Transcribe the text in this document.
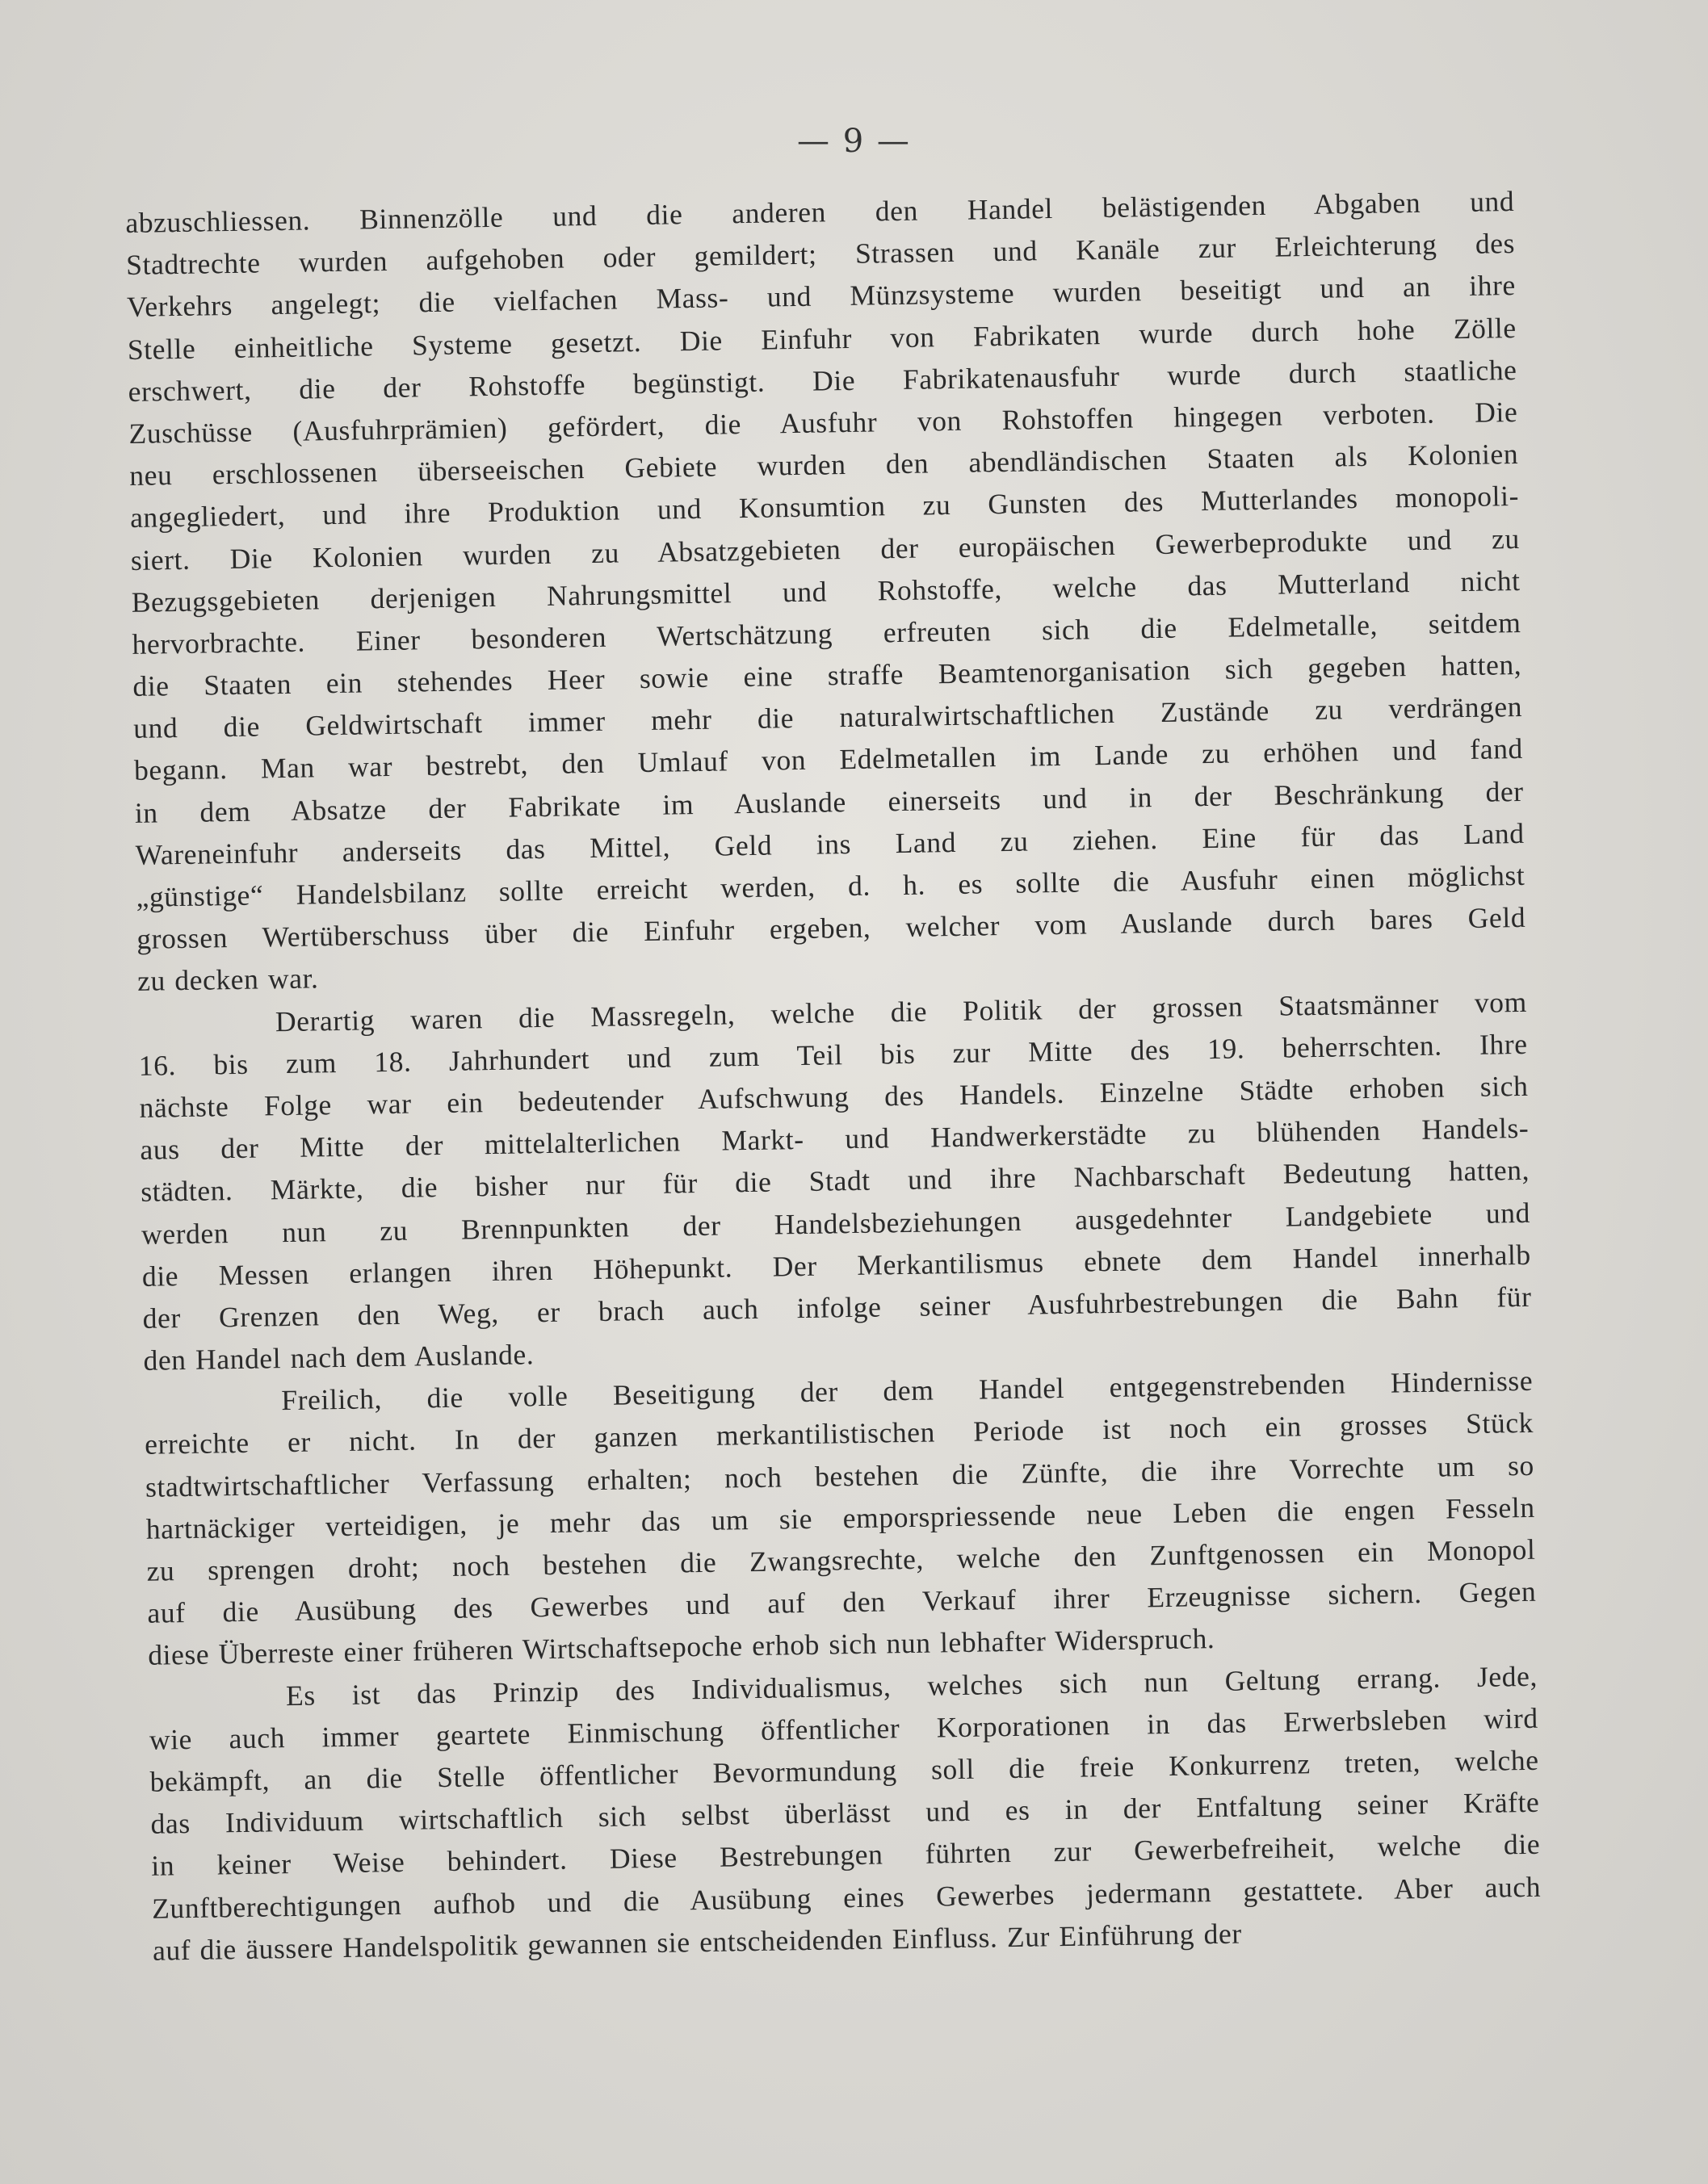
— 9 —
abzuschliessen. Binnenzölle und die anderen den Handel belästigenden Abgaben und
Stadtrechte wurden aufgehoben oder gemildert; Strassen und Kanäle zur Erleichterung des
Verkehrs angelegt; die vielfachen Mass- und Münzsysteme wurden beseitigt und an ihre
Stelle einheitliche Systeme gesetzt. Die Einfuhr von Fabrikaten wurde durch hohe Zölle
erschwert, die der Rohstoffe begünstigt. Die Fabrikatenausfuhr wurde durch staatliche
Zuschüsse (Ausfuhrprämien) gefördert, die Ausfuhr von Rohstoffen hingegen verboten. Die
neu erschlossenen überseeischen Gebiete wurden den abendländischen Staaten als Kolonien
angegliedert, und ihre Produktion und Konsumtion zu Gunsten des Mutterlandes monopoli-
siert. Die Kolonien wurden zu Absatzgebieten der europäischen Gewerbeprodukte und zu
Bezugsgebieten derjenigen Nahrungsmittel und Rohstoffe, welche das Mutterland nicht
hervorbrachte. Einer besonderen Wertschätzung erfreuten sich die Edelmetalle, seitdem
die Staaten ein stehendes Heer sowie eine straffe Beamtenorganisation sich gegeben hatten,
und die Geldwirtschaft immer mehr die naturalwirtschaftlichen Zustände zu verdrängen
begann. Man war bestrebt, den Umlauf von Edelmetallen im Lande zu erhöhen und fand
in dem Absatze der Fabrikate im Auslande einerseits und in der Beschränkung der
Wareneinfuhr anderseits das Mittel, Geld ins Land zu ziehen. Eine für das Land
„günstige“ Handelsbilanz sollte erreicht werden, d. h. es sollte die Ausfuhr einen möglichst
grossen Wertüberschuss über die Einfuhr ergeben, welcher vom Auslande durch bares Geld
zu decken war.
Derartig waren die Massregeln, welche die Politik der grossen Staatsmänner vom
16. bis zum 18. Jahrhundert und zum Teil bis zur Mitte des 19. beherrschten. Ihre
nächste Folge war ein bedeutender Aufschwung des Handels. Einzelne Städte erhoben sich
aus der Mitte der mittelalterlichen Markt- und Handwerkerstädte zu blühenden Handels-
städten. Märkte, die bisher nur für die Stadt und ihre Nachbarschaft Bedeutung hatten,
werden nun zu Brennpunkten der Handelsbeziehungen ausgedehnter Landgebiete und
die Messen erlangen ihren Höhepunkt. Der Merkantilismus ebnete dem Handel innerhalb
der Grenzen den Weg, er brach auch infolge seiner Ausfuhrbestrebungen die Bahn für
den Handel nach dem Auslande.
Freilich, die volle Beseitigung der dem Handel entgegenstrebenden Hindernisse
erreichte er nicht. In der ganzen merkantilistischen Periode ist noch ein grosses Stück
stadtwirtschaftlicher Verfassung erhalten; noch bestehen die Zünfte, die ihre Vorrechte um so
hartnäckiger verteidigen, je mehr das um sie emporspriessende neue Leben die engen Fesseln
zu sprengen droht; noch bestehen die Zwangsrechte, welche den Zunftgenossen ein Monopol
auf die Ausübung des Gewerbes und auf den Verkauf ihrer Erzeugnisse sichern. Gegen
diese Überreste einer früheren Wirtschaftsepoche erhob sich nun lebhafter Widerspruch.
Es ist das Prinzip des Individualismus, welches sich nun Geltung errang. Jede,
wie auch immer geartete Einmischung öffentlicher Korporationen in das Erwerbsleben wird
bekämpft, an die Stelle öffentlicher Bevormundung soll die freie Konkurrenz treten, welche
das Individuum wirtschaftlich sich selbst überlässt und es in der Entfaltung seiner Kräfte
in keiner Weise behindert. Diese Bestrebungen führten zur Gewerbefreiheit, welche die
Zunftberechtigungen aufhob und die Ausübung eines Gewerbes jedermann gestattete. Aber auch
auf die äussere Handelspolitik gewannen sie entscheidenden Einfluss. Zur Einführung der
